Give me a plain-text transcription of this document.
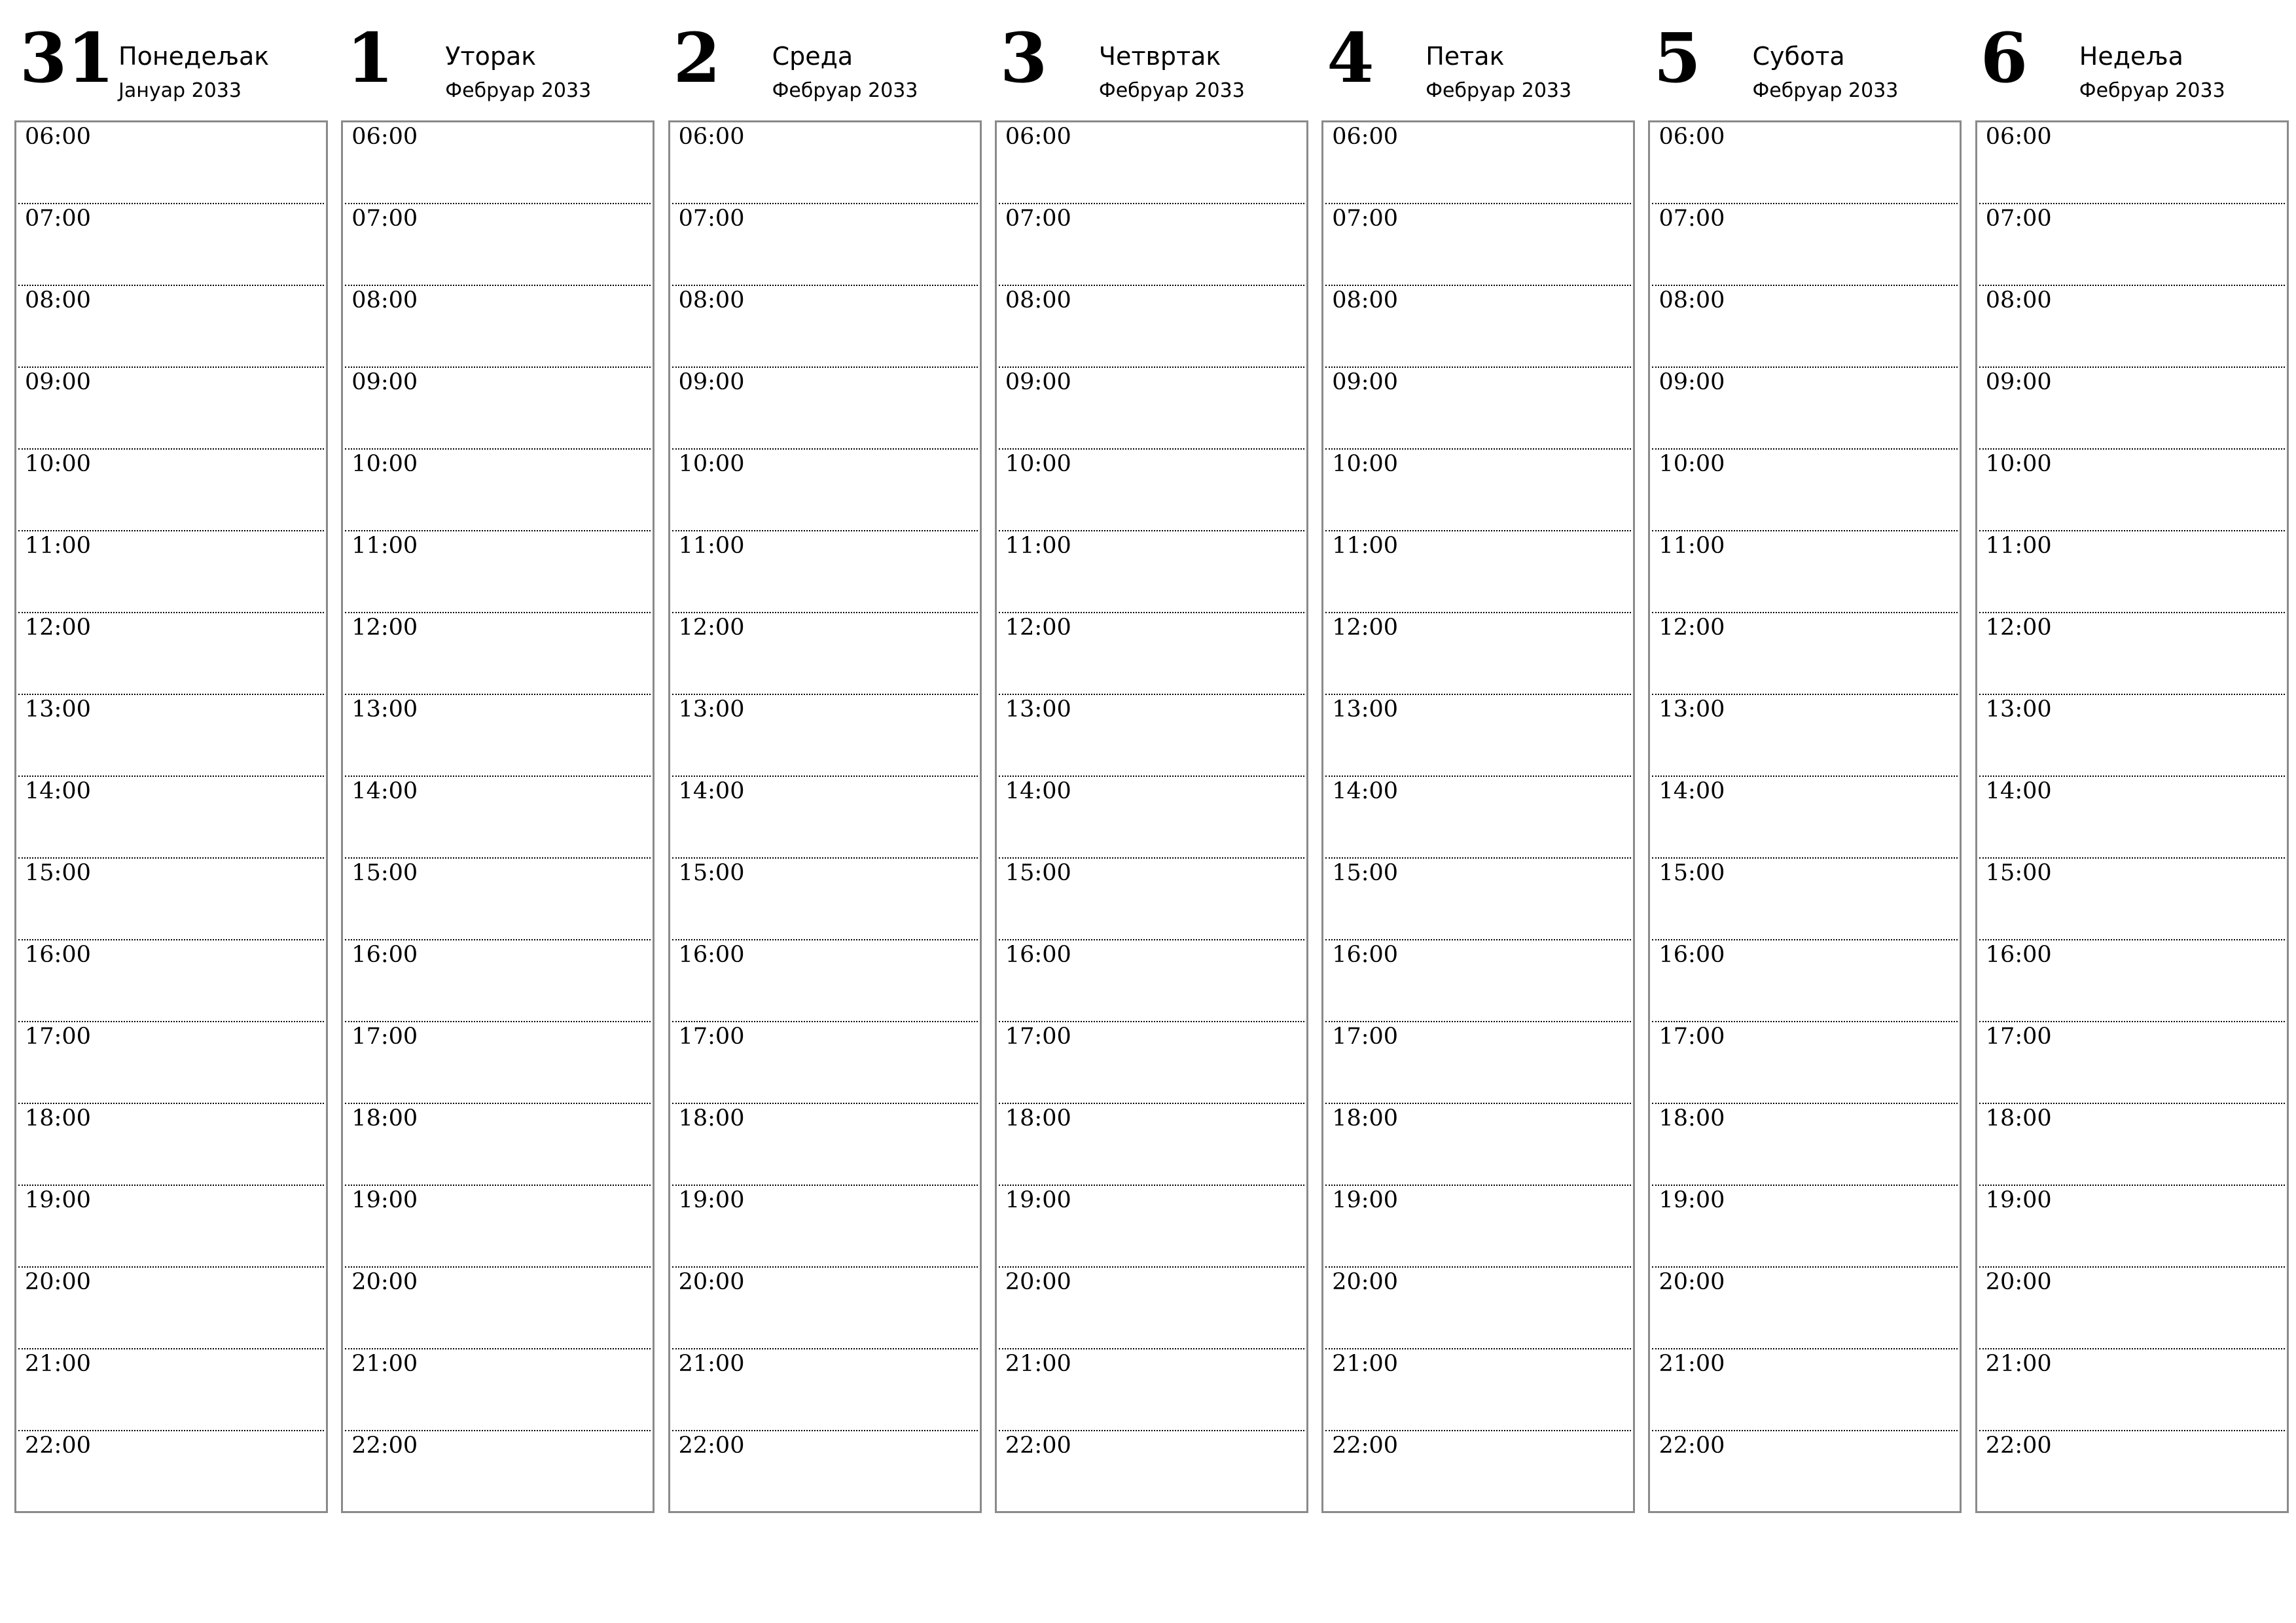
31 Понедељак
Јануар 2033
06:00
07:00
08:00
09:00
10:00
11:00
12:00
13:00
14:00
15:00
16:00
17:00
18:00
19:00
20:00
21:00
22:00
1 Уторак
Фебруар 2033
06:00
07:00
08:00
09:00
10:00
11:00
12:00
13:00
14:00
15:00
16:00
17:00
18:00
19:00
20:00
21:00
22:00
2 Среда
Фебруар 2033
06:00
07:00
08:00
09:00
10:00
11:00
12:00
13:00
14:00
15:00
16:00
17:00
18:00
19:00
20:00
21:00
22:00
3 Четвртак
Фебруар 2033
06:00
07:00
08:00
09:00
10:00
11:00
12:00
13:00
14:00
15:00
16:00
17:00
18:00
19:00
20:00
21:00
22:00
4 Петак
Фебруар 2033
06:00
07:00
08:00
09:00
10:00
11:00
12:00
13:00
14:00
15:00
16:00
17:00
18:00
19:00
20:00
21:00
22:00
5 Субота
Фебруар 2033
06:00
07:00
08:00
09:00
10:00
11:00
12:00
13:00
14:00
15:00
16:00
17:00
18:00
19:00
20:00
21:00
22:00
6 Недеља
Фебруар 2033
06:00
07:00
08:00
09:00
10:00
11:00
12:00
13:00
14:00
15:00
16:00
17:00
18:00
19:00
20:00
21:00
22:00
